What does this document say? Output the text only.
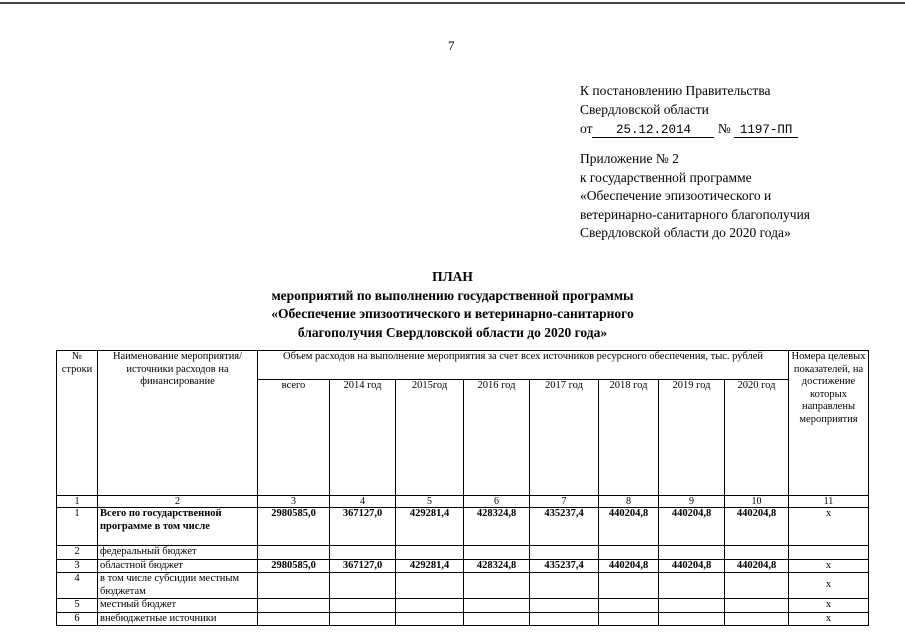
7
К постановлению Правительства
Свердловской области
от 25.12.2014 № 1197-ПП
Приложение № 2
к государственной программе
«Обеспечение эпизоотического и
ветеринарно-санитарного благополучия
Свердловской области до 2020 года»
ПЛАН
мероприятий по выполнению государственной программы
«Обеспечение эпизоотического и ветеринарно-санитарного
благополучия Свердловской области до 2020 года»
№ строки	Наименование мероприятия/ источники расходов на финансирование	Объем расходов на выполнение мероприятия за счет всех источников ресурсного обеспечения, тыс. рублей								Номера целевых показателей, на достижение которых направлены мероприятия
		всего	2014 год	2015год	2016 год	2017 год	2018 год	2019 год	2020 год	
1	2	3	4	5	6	7	8	9	10	11
1	Всего по государственной программе в том числе	2980585,0	367127,0	429281,4	428324,8	435237,4	440204,8	440204,8	440204,8	х
2	федеральный бюджет									
3	областной бюджет	2980585,0	367127,0	429281,4	428324,8	435237,4	440204,8	440204,8	440204,8	х
4	в том числе субсидии местным бюджетам									х
5	местный бюджет									х
6	внебюджетные источники									х
